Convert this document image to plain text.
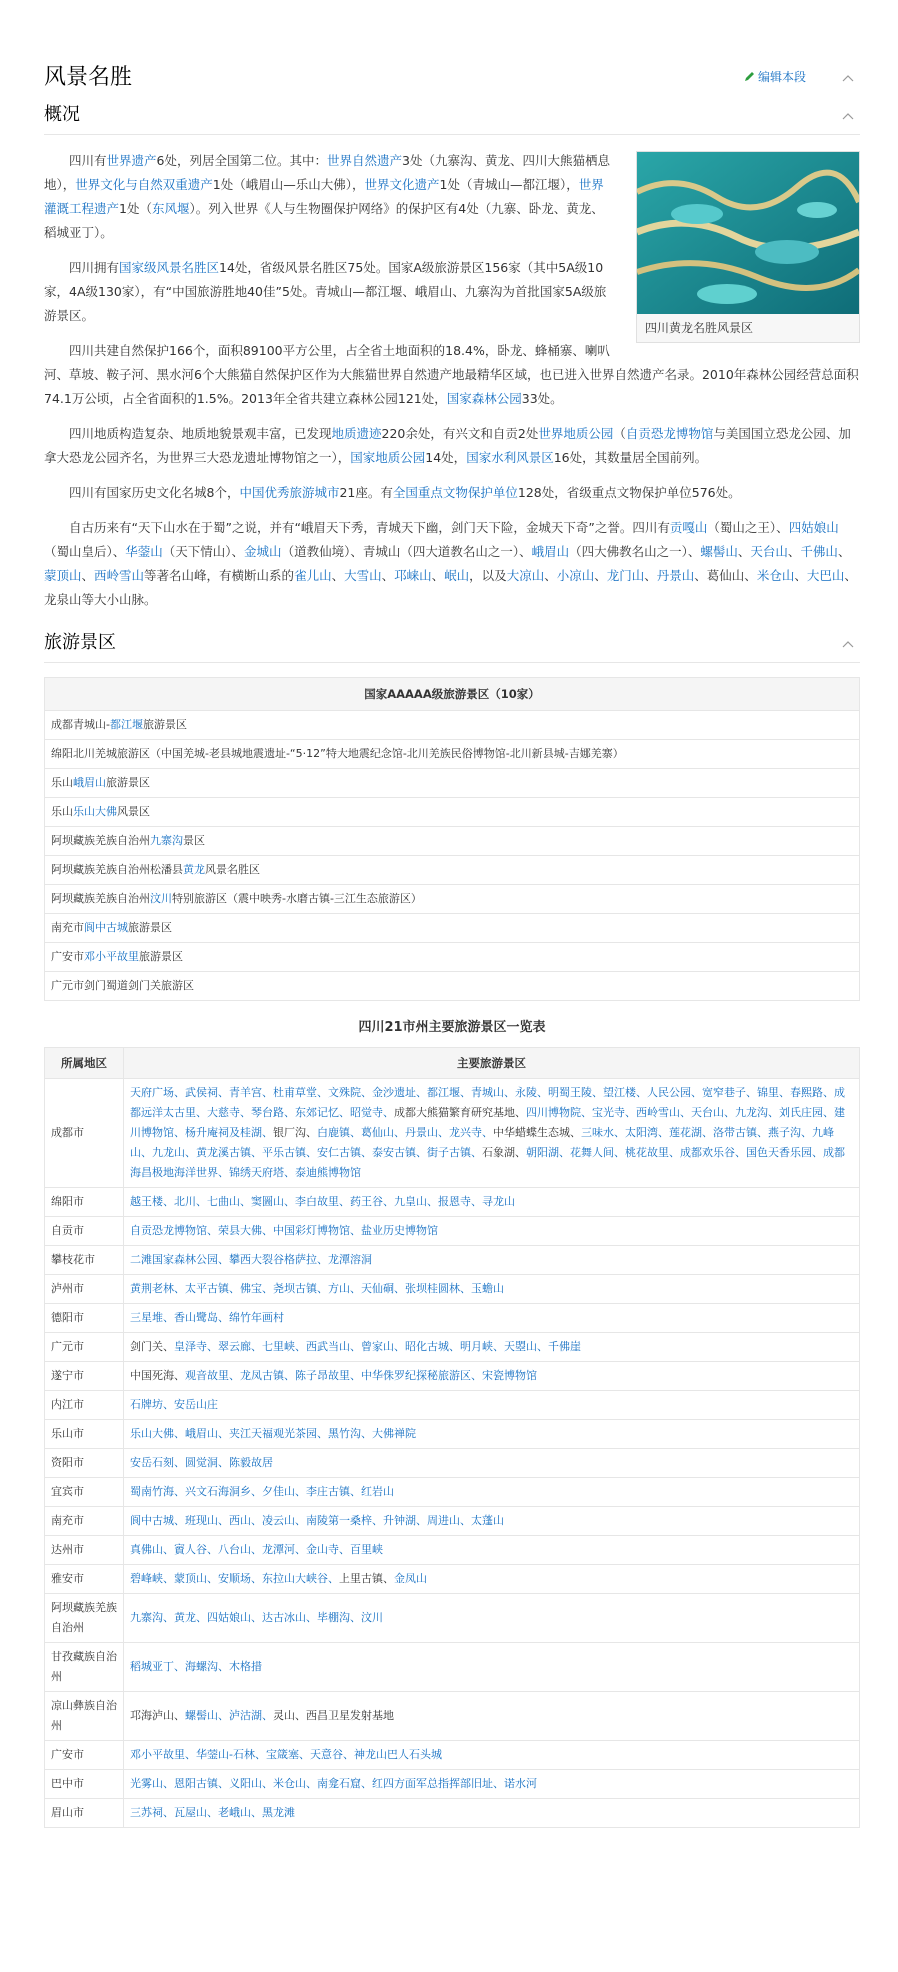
风景名胜	编辑本段
概况
四川黄龙名胜风景区

四川有世界遗产6处，列居全国第二位。其中：世界自然遗产3处（九寨沟、黄龙、四川大熊猫栖息地），世界文化与自然双重遗产1处（峨眉山—乐山大佛），世界文化遗产1处（青城山—都江堰），世界灌溉工程遗产1处（东风堰）。列入世界《人与生物圈保护网络》的保护区有4处（九寨、卧龙、黄龙、稻城亚丁）。

四川拥有国家级风景名胜区14处，省级风景名胜区75处。国家A级旅游景区156家（其中5A级10家，4A级130家），有“中国旅游胜地40佳”5处。青城山—都江堰、峨眉山、九寨沟为首批国家5A级旅游景区。

四川共建自然保护166个，面积89100平方公里，占全省土地面积的18.4%，卧龙、蜂桶寨、喇叭河、草坡、鞍子河、黑水河6个大熊猫自然保护区作为大熊猫世界自然遗产地最精华区域，也已进入世界自然遗产名录。2010年森林公园经营总面积74.1万公顷，占全省面积的1.5%。2013年全省共建立森林公园121处，国家森林公园33处。

四川地质构造复杂、地质地貌景观丰富，已发现地质遗迹220余处，有兴文和自贡2处世界地质公园（自贡恐龙博物馆与美国国立恐龙公园、加拿大恐龙公园齐名，为世界三大恐龙遗址博物馆之一），国家地质公园14处，国家水利风景区16处，其数量居全国前列。

四川有国家历史文化名城8个，中国优秀旅游城市21座。有全国重点文物保护单位128处，省级重点文物保护单位576处。

自古历来有“天下山水在于蜀”之说，并有“峨眉天下秀，青城天下幽，剑门天下险，金城天下奇”之誉。四川有贡嘎山（蜀山之王）、四姑娘山（蜀山皇后）、华蓥山（天下情山）、金城山（道教仙境）、青城山（四大道教名山之一）、峨眉山（四大佛教名山之一）、螺髻山、天台山、千佛山、蒙顶山、西岭雪山等著名山峰，有横断山系的雀儿山、大雪山、邛崃山、岷山，以及大凉山、小凉山、龙门山、丹景山、葛仙山、米仓山、大巴山、龙泉山等大小山脉。

旅游景区
国家AAAAA级旅游景区（10家）
成都青城山-都江堰旅游景区
绵阳北川羌城旅游区（中国羌城-老县城地震遗址-“5·12”特大地震纪念馆-北川羌族民俗博物馆-北川新县城-吉娜羌寨）
乐山峨眉山旅游景区
乐山乐山大佛风景区
阿坝藏族羌族自治州九寨沟景区
阿坝藏族羌族自治州松潘县黄龙风景名胜区
阿坝藏族羌族自治州汶川特别旅游区（震中映秀-水磨古镇-三江生态旅游区）
南充市阆中古城旅游景区
广安市邓小平故里旅游景区
广元市剑门蜀道剑门关旅游区
四川21市州主要旅游景区一览表
所属地区	主要旅游景区
成都市	天府广场、武侯祠、青羊宫、杜甫草堂、文殊院、金沙遗址、都江堰、青城山、永陵、明蜀王陵、望江楼、人民公园、宽窄巷子、锦里、春熙路、成都远洋太古里、大慈寺、琴台路、东郊记忆、昭觉寺、成都大熊猫繁育研究基地、四川博物院、宝光寺、西岭雪山、天台山、九龙沟、刘氏庄园、建川博物馆、杨升庵祠及桂湖、银厂沟、白鹿镇、葛仙山、丹景山、龙兴寺、中华蜡蝶生态城、三味水、太阳湾、莲花湖、洛带古镇、燕子沟、九峰山、九龙山、黄龙溪古镇、平乐古镇、安仁古镇、泰安古镇、街子古镇、石象湖、朝阳湖、花舞人间、桃花故里、成都欢乐谷、国色天香乐园、成都海昌极地海洋世界、锦绣天府塔、泰迪熊博物馆
绵阳市	越王楼、北川、七曲山、窦圌山、李白故里、药王谷、九皇山、报恩寺、寻龙山
自贡市	自贡恐龙博物馆、荣县大佛、中国彩灯博物馆、盐业历史博物馆
攀枝花市	二滩国家森林公园、攀西大裂谷格萨拉、龙潭溶洞
泸州市	黄荆老林、太平古镇、佛宝、尧坝古镇、方山、天仙硐、张坝桂圆林、玉蟾山
德阳市	三星堆、香山鹭岛、绵竹年画村
广元市	剑门关、皇泽寺、翠云廊、七里峡、西武当山、曾家山、昭化古城、明月峡、天曌山、千佛崖
遂宁市	中国死海、观音故里、龙凤古镇、陈子昂故里、中华侏罗纪探秘旅游区、宋瓷博物馆
内江市	石牌坊、安岳山庄
乐山市	乐山大佛、峨眉山、夹江天福观光茶园、黑竹沟、大佛禅院
资阳市	安岳石刻、圆觉洞、陈毅故居
宜宾市	蜀南竹海、兴文石海洞乡、夕佳山、李庄古镇、红岩山
南充市	阆中古城、班现山、西山、凌云山、南陵第一桑梓、升钟湖、周进山、太蓬山
达州市	真佛山、賨人谷、八台山、龙潭河、金山寺、百里峡
雅安市	碧峰峡、蒙顶山、安顺场、东拉山大峡谷、上里古镇、金凤山
阿坝藏族羌族自治州	九寨沟、黄龙、四姑娘山、达古冰山、毕棚沟、汶川
甘孜藏族自治州	稻城亚丁、海螺沟、木格措
凉山彝族自治州	邛海泸山、螺髻山、泸沽湖、灵山、西昌卫星发射基地
广安市	邓小平故里、华蓥山-石林、宝箴塞、天意谷、神龙山巴人石头城
巴中市	光雾山、恩阳古镇、义阳山、米仓山、南龛石窟、红四方面军总指挥部旧址、诺水河
眉山市	三苏祠、瓦屋山、老峨山、黑龙滩
